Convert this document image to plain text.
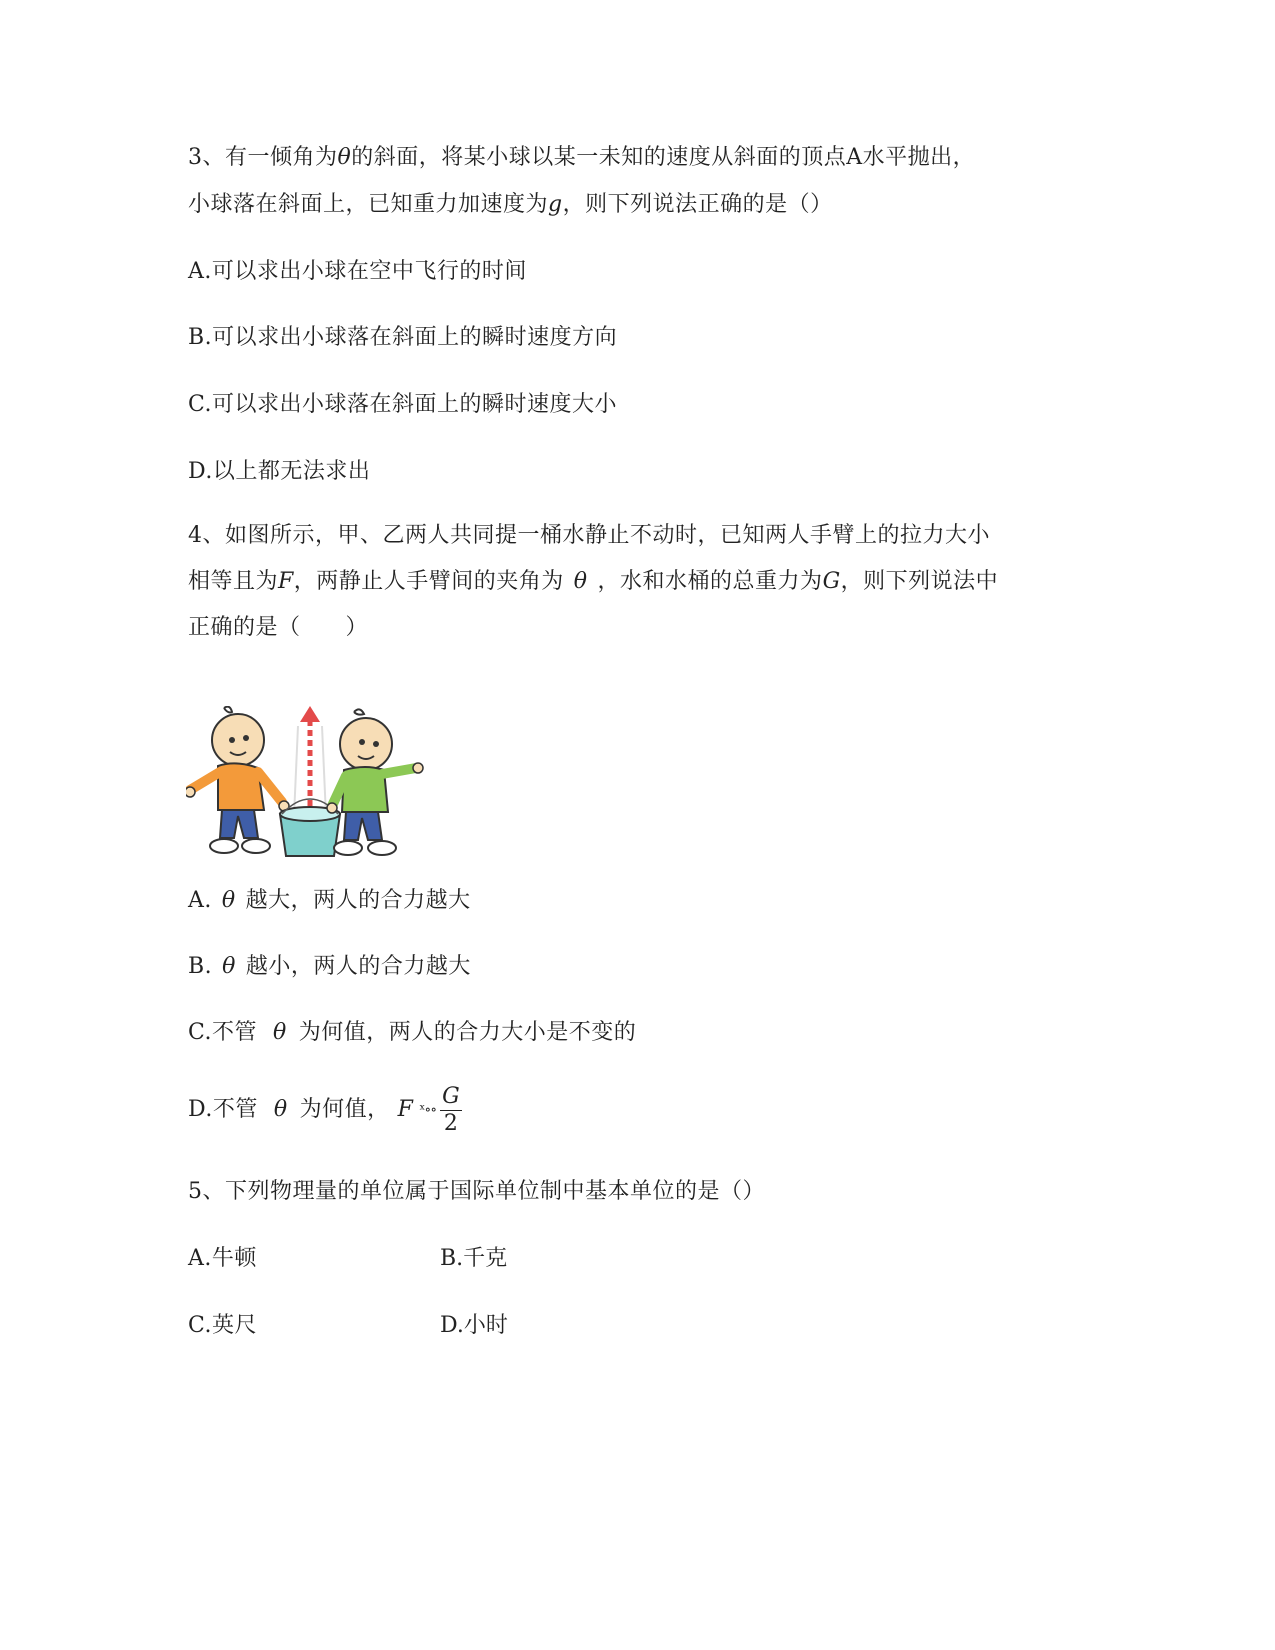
3、有一倾角为θ的斜面，将某小球以某一未知的速度从斜面的顶点A水平抛出，
小球落在斜面上，已知重力加速度为g，则下列说法正确的是（）
A.可以求出小球在空中飞行的时间
B.可以求出小球落在斜面上的瞬时速度方向
C.可以求出小球落在斜面上的瞬时速度大小
D.以上都无法求出
4、如图所示，甲、乙两人共同提一桶水静止不动时，已知两人手臂上的拉力大小
相等且为F，两静止人手臂间的夹角为 θ ，水和水桶的总重力为G，则下列说法中
正确的是（　　）
A. θ 越大，两人的合力越大
B. θ 越小，两人的合力越大
C.不管 θ 为何值，两人的合力大小是不变的
D.不管 θ 为何值， F ˣ∘∘ $\frac{G}{2}$
5、下列物理量的单位属于国际单位制中基本单位的是（）
A.牛顿	B.千克
C.英尺	D.小时
